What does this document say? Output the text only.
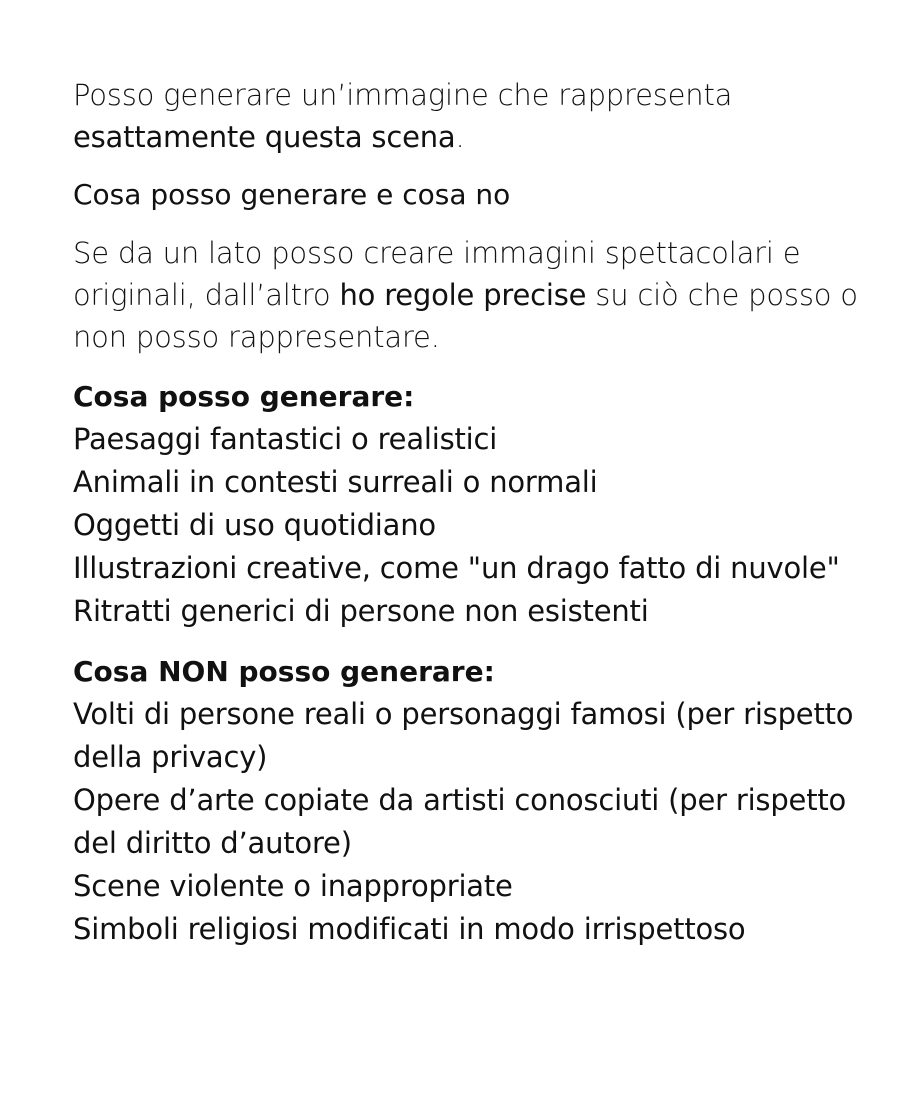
Posso generare un’immagine che rappresenta esattamente questa scena.

Cosa posso generare e cosa no

Se da un lato posso creare immagini spettacolari e originali, dall’altro ho regole precise su ciò che posso o non posso rappresentare.

Cosa posso generare:
Paesaggi fantastici o realistici
Animali in contesti surreali o normali
Oggetti di uso quotidiano
Illustrazioni creative, come "un drago fatto di nuvole"
Ritratti generici di persone non esistenti
Cosa NON posso generare:
Volti di persone reali o personaggi famosi (per rispetto della privacy)
Opere d’arte copiate da artisti conosciuti (per rispetto del diritto d’autore)
Scene violente o inappropriate
Simboli religiosi modificati in modo irrispettoso
